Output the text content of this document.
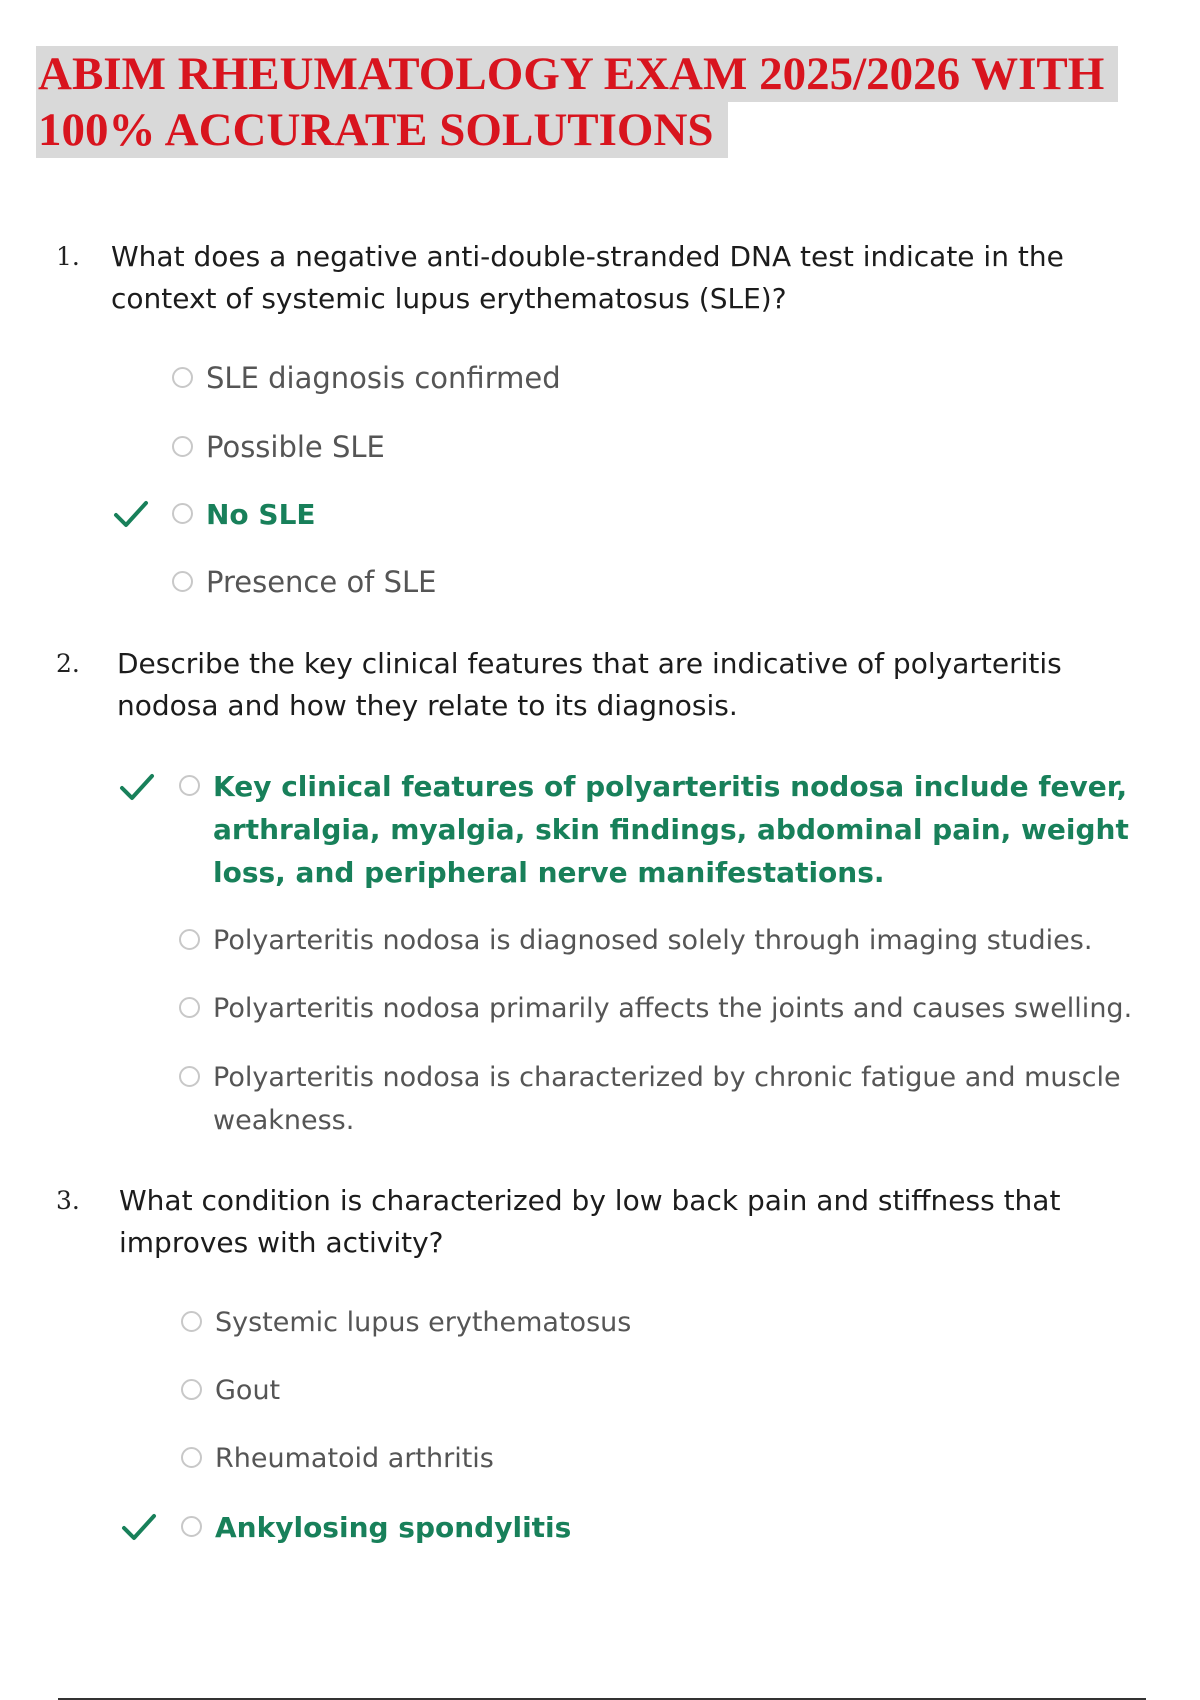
ABIM RHEUMATOLOGY EXAM 2025/2026 WITH
100% ACCURATE SOLUTIONS
1. What does a negative anti-double-stranded DNA test indicate in the context of systemic lupus erythematosus (SLE)?

SLE diagnosis confirmed
Possible SLE
No SLE
Presence of SLE
2. Describe the key clinical features that are indicative of polyarteritis nodosa and how they relate to its diagnosis.

Key clinical features of polyarteritis nodosa include fever, arthralgia, myalgia, skin findings, abdominal pain, weight loss, and peripheral nerve manifestations.
Polyarteritis nodosa is diagnosed solely through imaging studies.
Polyarteritis nodosa primarily affects the joints and causes swelling.
Polyarteritis nodosa is characterized by chronic fatigue and muscle weakness.
3. What condition is characterized by low back pain and stiffness that improves with activity?

Systemic lupus erythematosus
Gout
Rheumatoid arthritis
Ankylosing spondylitis
